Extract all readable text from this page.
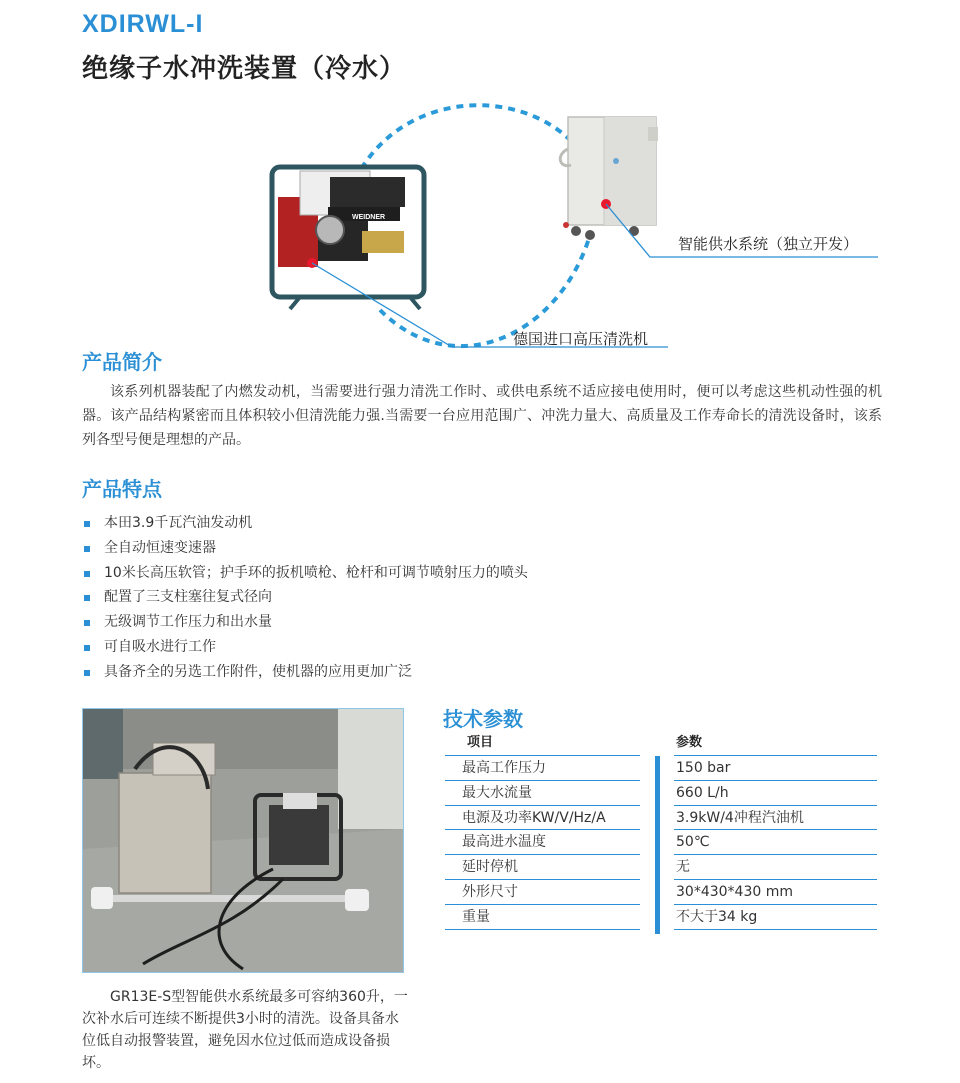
XDIRWL-I
绝缘子水冲洗装置（冷水）
WEIDNER
智能供水系统（独立开发）
德国进口高压清洗机
产品简介

该系列机器装配了内燃发动机，当需要进行强力清洗工作时、或供电系统不适应接电使用时，便可以考虑这些机动性强的机器。该产品结构紧密而且体积较小但清洗能力强.当需要一台应用范围广、冲洗力量大、高质量及工作寿命长的清洗设备时，该系列各型号便是理想的产品。

产品特点
本田3.9千瓦汽油发动机
全自动恒速变速器
10米长高压软管；护手环的扳机喷枪、枪杆和可调节喷射压力的喷头
配置了三支柱塞往复式径向
无级调节工作压力和出水量
可自吸水进行工作
具备齐全的另选工作附件，使机器的应用更加广泛

GR13E-S型智能供水系统最多可容纳360升，一次补水后可连续不断提供3小时的清洗。设备具备水位低自动报警装置，避免因水位过低而造成设备损坏。

技术参数
项目
最高工作压力
最大水流量
电源及功率KW/V/Hz/A
最高进水温度
延时停机
外形尺寸
重量
参数
150 bar
660 L/h
3.9kW/4冲程汽油机
50℃
无
30*430*430 mm
不大于34 kg
